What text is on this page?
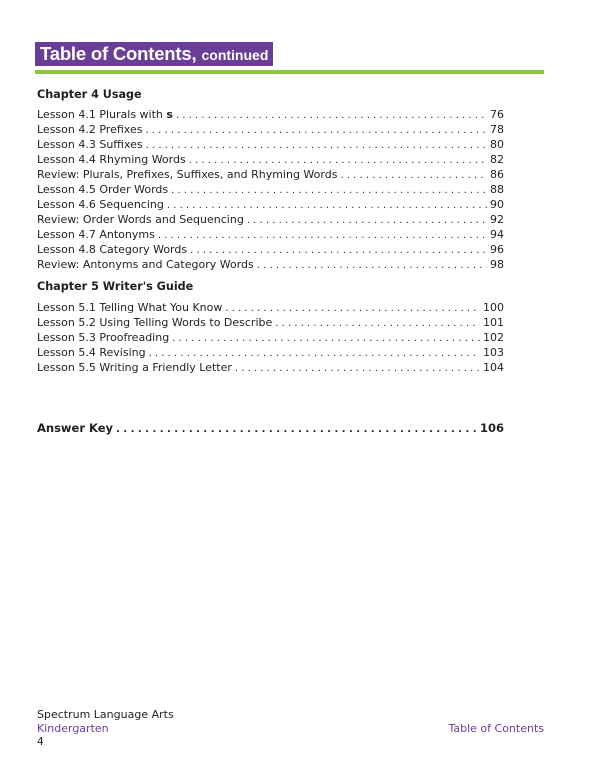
Table of Contents, continued
Chapter 4 Usage
Lesson 4.1 Plurals with s . . .	76
Lesson 4.2 Prefixes . . .	78
Lesson 4.3 Suffixes . . .	80
Lesson 4.4 Rhyming Words . . .	82
Review: Plurals, Prefixes, Suffixes, and Rhyming Words . . .	86
Lesson 4.5 Order Words . . .	88
Lesson 4.6 Sequencing . . .	90
Review: Order Words and Sequencing . . .	92
Lesson 4.7 Antonyms . . .	94
Lesson 4.8 Category Words . . .	96
Review: Antonyms and Category Words . . .	98
Chapter 5 Writer's Guide
Lesson 5.1 Telling What You Know . . .	100
Lesson 5.2 Using Telling Words to Describe . . .	101
Lesson 5.3 Proofreading . . .	102
Lesson 5.4 Revising . . .	103
Lesson 5.5 Writing a Friendly Letter . . .	104
Answer Key . . .	106
Spectrum Language Arts
Kindergarten
4
Table of Contents
